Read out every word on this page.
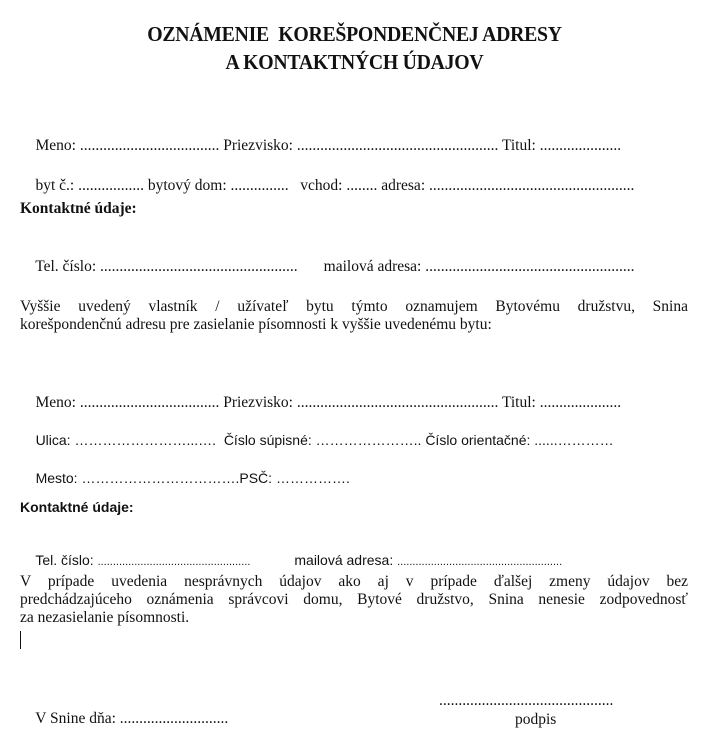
OZNÁMENIE  KOREŠPONDENČNEJ ADRESY
A KONTAKTNÝCH ÚDAJOV

Meno: .................................... Priezvisko: .................................................... Titul: .....................

byt č.: ................. bytový dom: ............... vchod: ........ adresa: .....................................................

Kontaktné údaje:

Tel. číslo: ................................................... mailová adresa: ......................................................

Vyššie uvedený vlastník / užívateľ bytu týmto oznamujem Bytovému družstvu, Snina
korešpondenčnú adresu pre zasielanie písomnosti k vyššie uvedenému bytu:

Meno: .................................... Priezvisko: .................................................... Titul: .....................

Ulica: ……………………...…. Číslo súpisné: ………………….. Číslo orientačné: ......…………

Mesto: …………………………….PSČ: …………….

Kontaktné údaje:

Tel. číslo: ..................................................	mailová adresa: ......................................................

V prípade uvedenia nesprávnych údajov ako aj v prípade ďalšej zmeny údajov bez
predchádzajúceho oznámenia správcovi domu, Bytové družstvo, Snina nenesie zodpovednosť
za nezasielanie písomnosti.

V Snine dňa: ............................

.............................................
podpis
